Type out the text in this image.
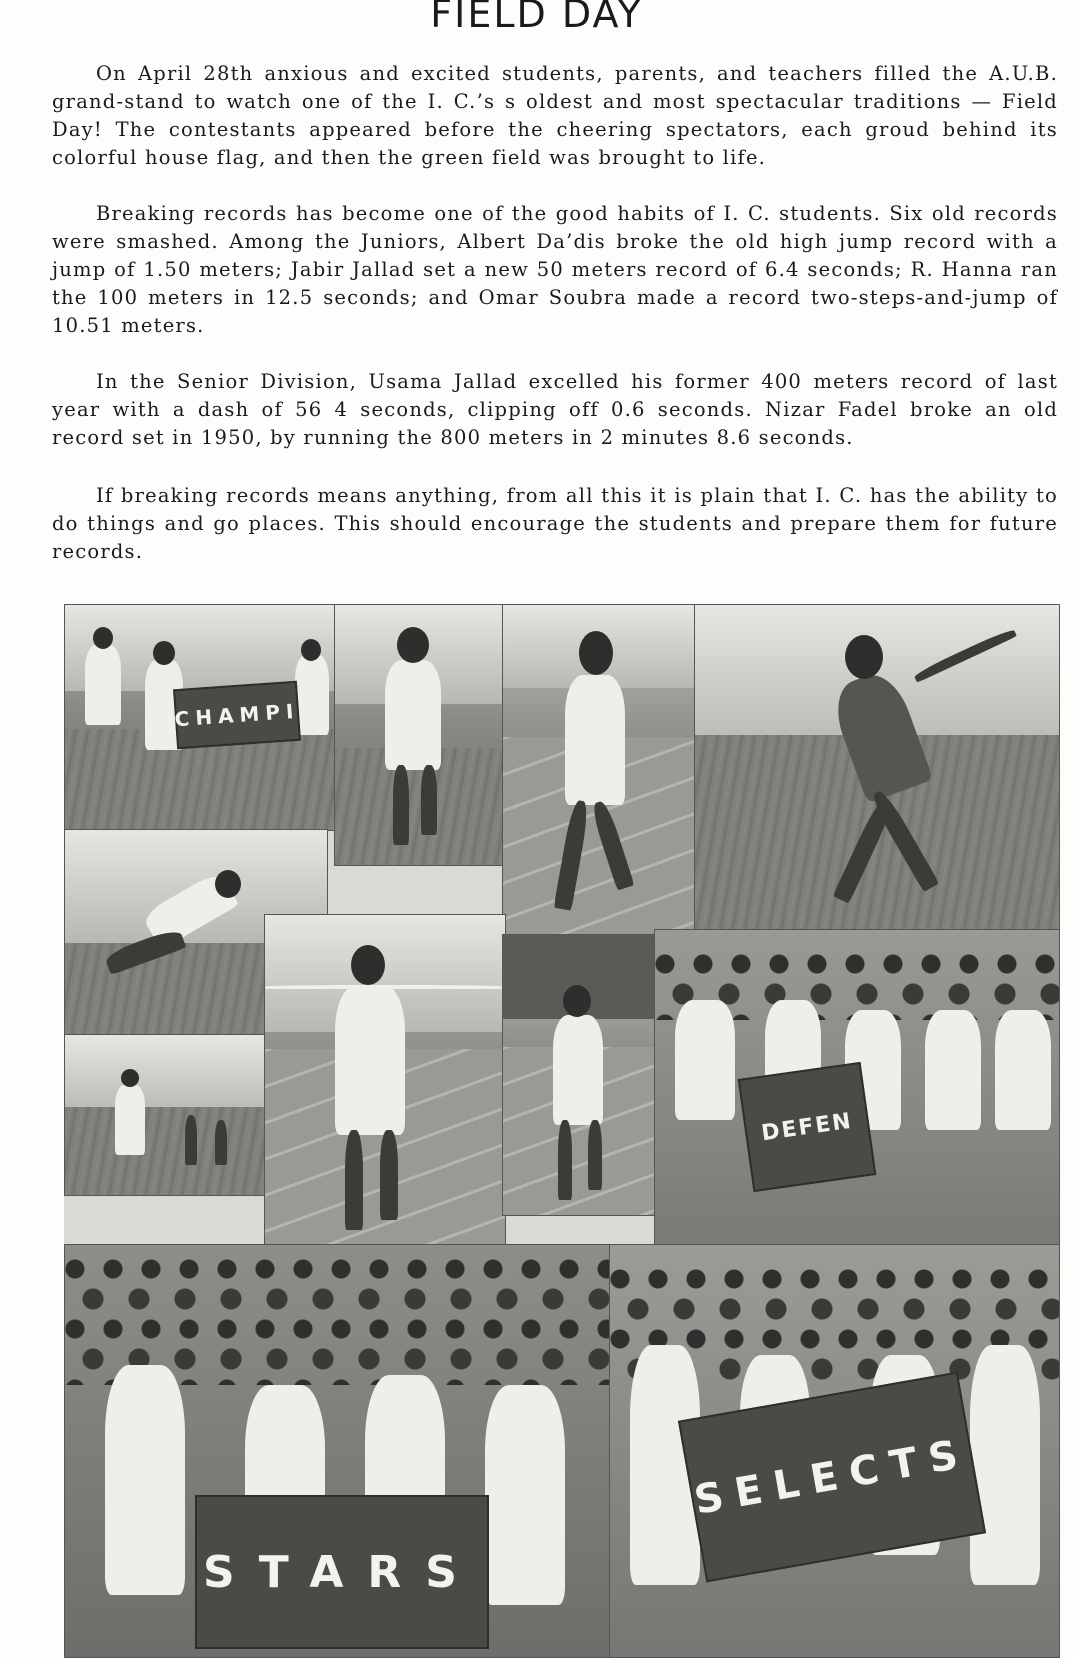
FIELD DAY

On April 28th anxious and excited students, parents, and teachers filled the A.U.B. grand-stand to watch one of the I. C.’s s oldest and most spectacular traditions — Field Day! The contestants appeared before the cheering spectators, each groud behind its colorful house flag, and then the green field was brought to life.

Breaking records has become one of the good habits of I. C. students. Six old records were smashed. Among the Juniors, Albert Da’dis broke the old high jump record with a jump of 1.50 meters; Jabir Jallad set a new 50 meters record of 6.4 seconds; R. Hanna ran the 100 meters in 12.5 seconds; and Omar Soubra made a record two-steps-and-jump of 10.51 meters.

In the Senior Division, Usama Jallad excelled his former 400 meters record of last year with a dash of 56 4 seconds, clipping off 0.6 seconds. Nizar Fadel broke an old record set in 1950, by running the 800 meters in 2 minutes 8.6 seconds.

If breaking records means anything, from all this it is plain that I. C. has the ability to do things and go places. This should encourage the students and prepare them for future records.

CHAMPI
DEFEN
STARS
SELECTS
